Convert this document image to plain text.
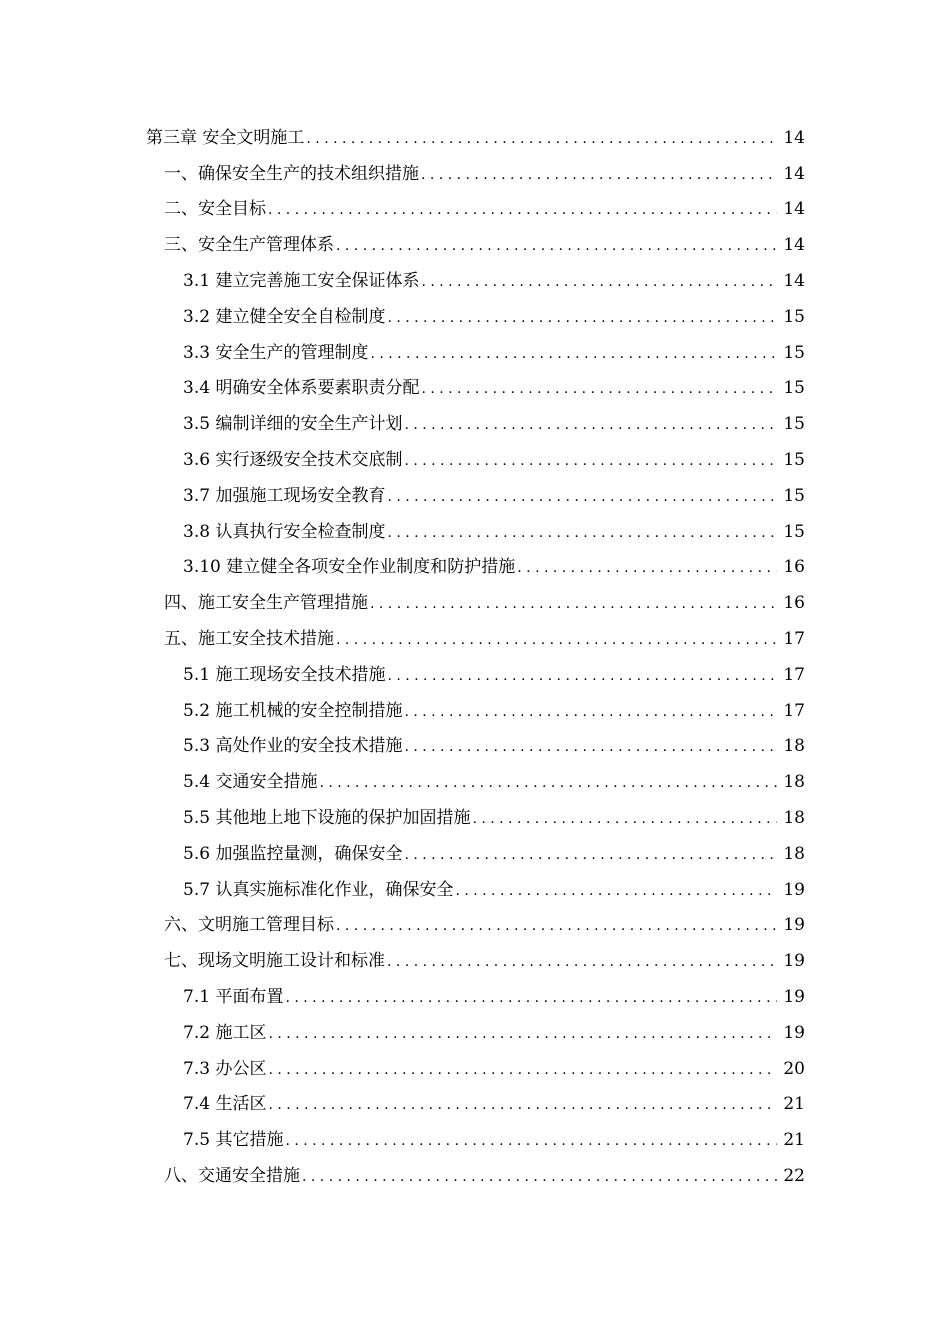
第三章 安全文明施工 . . .	14
一、确保安全生产的技术组织措施 . . .	14
二、安全目标 . . .	14
三、安全生产管理体系 . . .	14
3.1 建立完善施工安全保证体系 . . .	14
3.2 建立健全安全自检制度 . . .	15
3.3 安全生产的管理制度 . . .	15
3.4 明确安全体系要素职责分配 . . .	15
3.5 编制详细的安全生产计划 . . .	15
3.6 实行逐级安全技术交底制 . . .	15
3.7 加强施工现场安全教育 . . .	15
3.8 认真执行安全检查制度 . . .	15
3.10 建立健全各项安全作业制度和防护措施 . . .	16
四、施工安全生产管理措施 . . .	16
五、施工安全技术措施 . . .	17
5.1 施工现场安全技术措施 . . .	17
5.2 施工机械的安全控制措施 . . .	17
5.3 高处作业的安全技术措施 . . .	18
5.4 交通安全措施 . . .	18
5.5 其他地上地下设施的保护加固措施 . . .	18
5.6 加强监控量测，确保安全 . . .	18
5.7 认真实施标准化作业，确保安全 . . .	19
六、文明施工管理目标 . . .	19
七、现场文明施工设计和标准 . . .	19
7.1 平面布置 . . .	19
7.2 施工区 . . .	19
7.3 办公区 . . .	20
7.4 生活区 . . .	21
7.5 其它措施 . . .	21
八、交通安全措施 . . .	22
